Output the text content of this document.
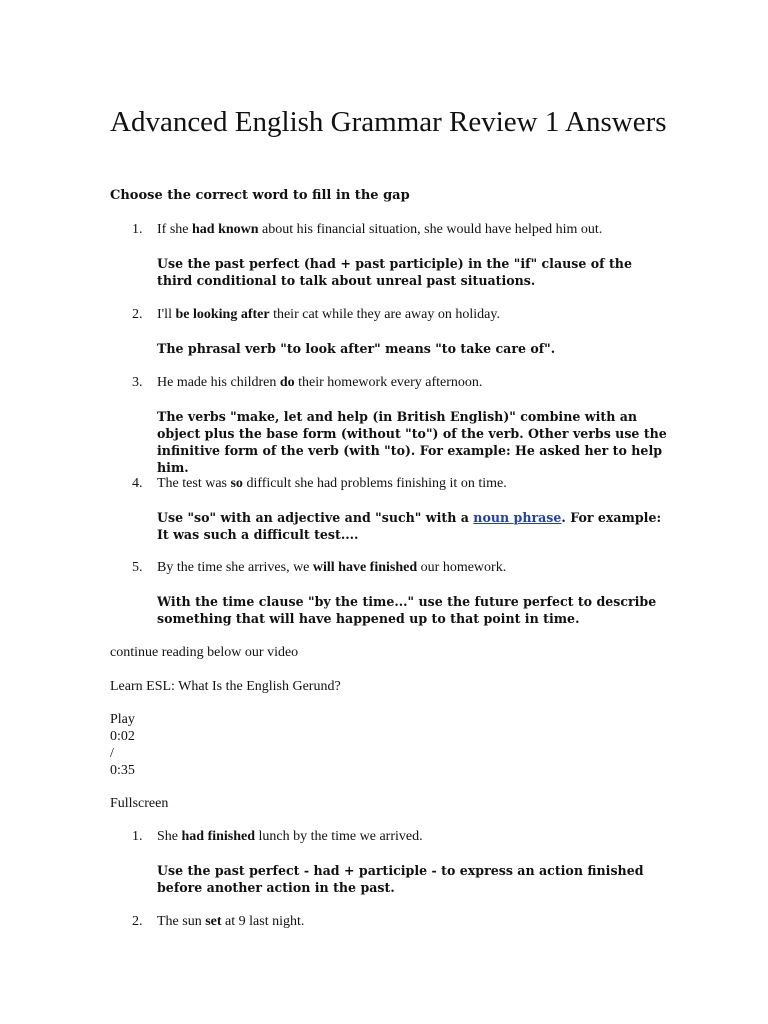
Advanced English Grammar Review 1 Answers

Choose the correct word to fill in the gap

1. If she had known about his financial situation, she would have helped him out.

Use the past perfect (had + past participle) in the "if" clause of the third conditional to talk about unreal past situations.

2. I'll be looking after their cat while they are away on holiday.

The phrasal verb "to look after" means "to take care of".

3. He made his children do their homework every afternoon.

The verbs "make, let and help (in British English)" combine with an object plus the base form (without "to") of the verb. Other verbs use the infinitive form of the verb (with "to). For example: He asked her to help him.

4. The test was so difficult she had problems finishing it on time.

Use "so" with an adjective and "such" with a noun phrase. For example: It was such a difficult test....

5. By the time she arrives, we will have finished our homework.

With the time clause "by the time..." use the future perfect to describe something that will have happened up to that point in time.

continue reading below our video
Learn ESL: What Is the English Gerund?
Play
0:02
/
0:35
Fullscreen
1. She had finished lunch by the time we arrived.

Use the past perfect - had + participle - to express an action finished before another action in the past.

2. The sun set at 9 last night.
